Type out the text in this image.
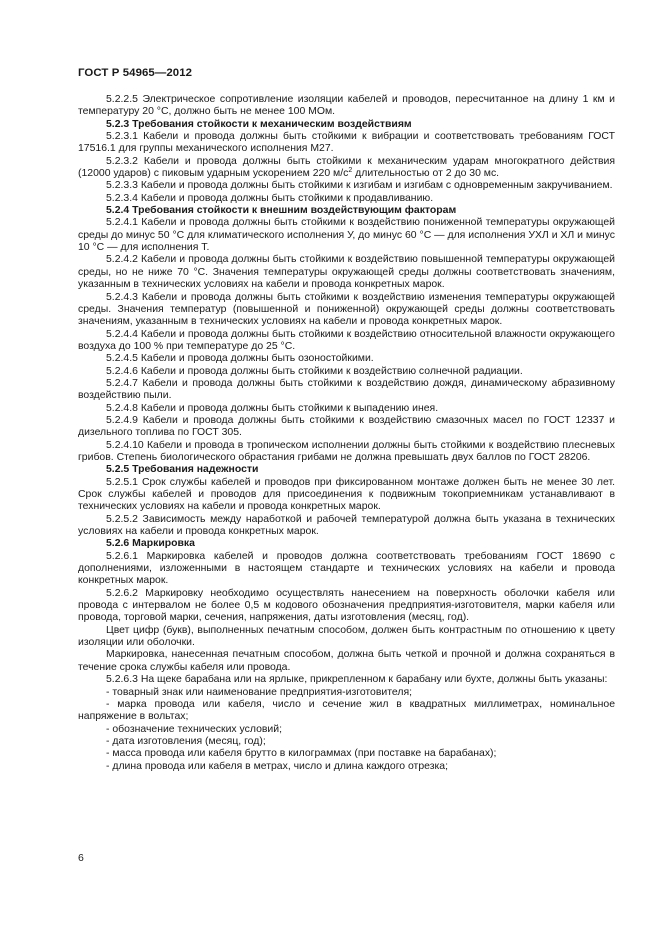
ГОСТ Р 54965—2012

5.2.2.5 Электрическое сопротивление изоляции кабелей и проводов, пересчитанное на длину 1 км и температуру 20 °С, должно быть не менее 100 МОм.

5.2.3 Требования стойкости к механическим воздействиям

5.2.3.1 Кабели и провода должны быть стойкими к вибрации и соответствовать требованиям ГОСТ 17516.1 для группы механического исполнения М27.

5.2.3.2 Кабели и провода должны быть стойкими к механическим ударам многократного действия (12000 ударов) с пиковым ударным ускорением 220 $м/с^2$ длительностью от 2 до 30 мс.

5.2.3.3 Кабели и провода должны быть стойкими к изгибам и изгибам с одновременным закручиванием.

5.2.3.4 Кабели и провода должны быть стойкими к продавливанию.

5.2.4 Требования стойкости к внешним воздействующим факторам

5.2.4.1 Кабели и провода должны быть стойкими к воздействию пониженной температуры окружающей среды до минус 50 °С для климатического исполнения У, до минус 60 °С — для исполнения УХЛ и ХЛ и минус 10 °С — для исполнения Т.

5.2.4.2 Кабели и провода должны быть стойкими к воздействию повышенной температуры окружающей среды, но не ниже 70 °С. Значения температуры окружающей среды должны соответствовать значениям, указанным в технических условиях на кабели и провода конкретных марок.

5.2.4.3 Кабели и провода должны быть стойкими к воздействию изменения температуры окружающей среды. Значения температур (повышенной и пониженной) окружающей среды должны соответствовать значениям, указанным в технических условиях на кабели и провода конкретных марок.

5.2.4.4 Кабели и провода должны быть стойкими к воздействию относительной влажности окружающего воздуха до 100 % при температуре до 25 °С.

5.2.4.5 Кабели и провода должны быть озоностойкими.

5.2.4.6 Кабели и провода должны быть стойкими к воздействию солнечной радиации.

5.2.4.7 Кабели и провода должны быть стойкими к воздействию дождя, динамическому абразивному воздействию пыли.

5.2.4.8 Кабели и провода должны быть стойкими к выпадению инея.

5.2.4.9 Кабели и провода должны быть стойкими к воздействию смазочных масел по ГОСТ 12337 и дизельного топлива по ГОСТ 305.

5.2.4.10 Кабели и провода в тропическом исполнении должны быть стойкими к воздействию плесневых грибов. Степень биологического обрастания грибами не должна превышать двух баллов по ГОСТ 28206.

5.2.5 Требования надежности

5.2.5.1 Срок службы кабелей и проводов при фиксированном монтаже должен быть не менее 30 лет. Срок службы кабелей и проводов для присоединения к подвижным токоприемникам устанавливают в технических условиях на кабели и провода конкретных марок.

5.2.5.2 Зависимость между наработкой и рабочей температурой должна быть указана в технических условиях на кабели и провода конкретных марок.

5.2.6 Маркировка

5.2.6.1 Маркировка кабелей и проводов должна соответствовать требованиям ГОСТ 18690 с дополнениями, изложенными в настоящем стандарте и технических условиях на кабели и провода конкретных марок.

5.2.6.2 Маркировку необходимо осуществлять нанесением на поверхность оболочки кабеля или провода с интервалом не более 0,5 м кодового обозначения предприятия-изготовителя, марки кабеля или провода, торговой марки, сечения, напряжения, даты изготовления (месяц, год).

Цвет цифр (букв), выполненных печатным способом, должен быть контрастным по отношению к цвету изоляции или оболочки.

Маркировка, нанесенная печатным способом, должна быть четкой и прочной и должна сохраняться в течение срока службы кабеля или провода.

5.2.6.3 На щеке барабана или на ярлыке, прикрепленном к барабану или бухте, должны быть указаны:

- товарный знак или наименование предприятия-изготовителя;

- марка провода или кабеля, число и сечение жил в квадратных миллиметрах, номинальное напряжение в вольтах;

- обозначение технических условий;

- дата изготовления (месяц, год);

- масса провода или кабеля брутто в килограммах (при поставке на барабанах);

- длина провода или кабеля в метрах, число и длина каждого отрезка;

6
